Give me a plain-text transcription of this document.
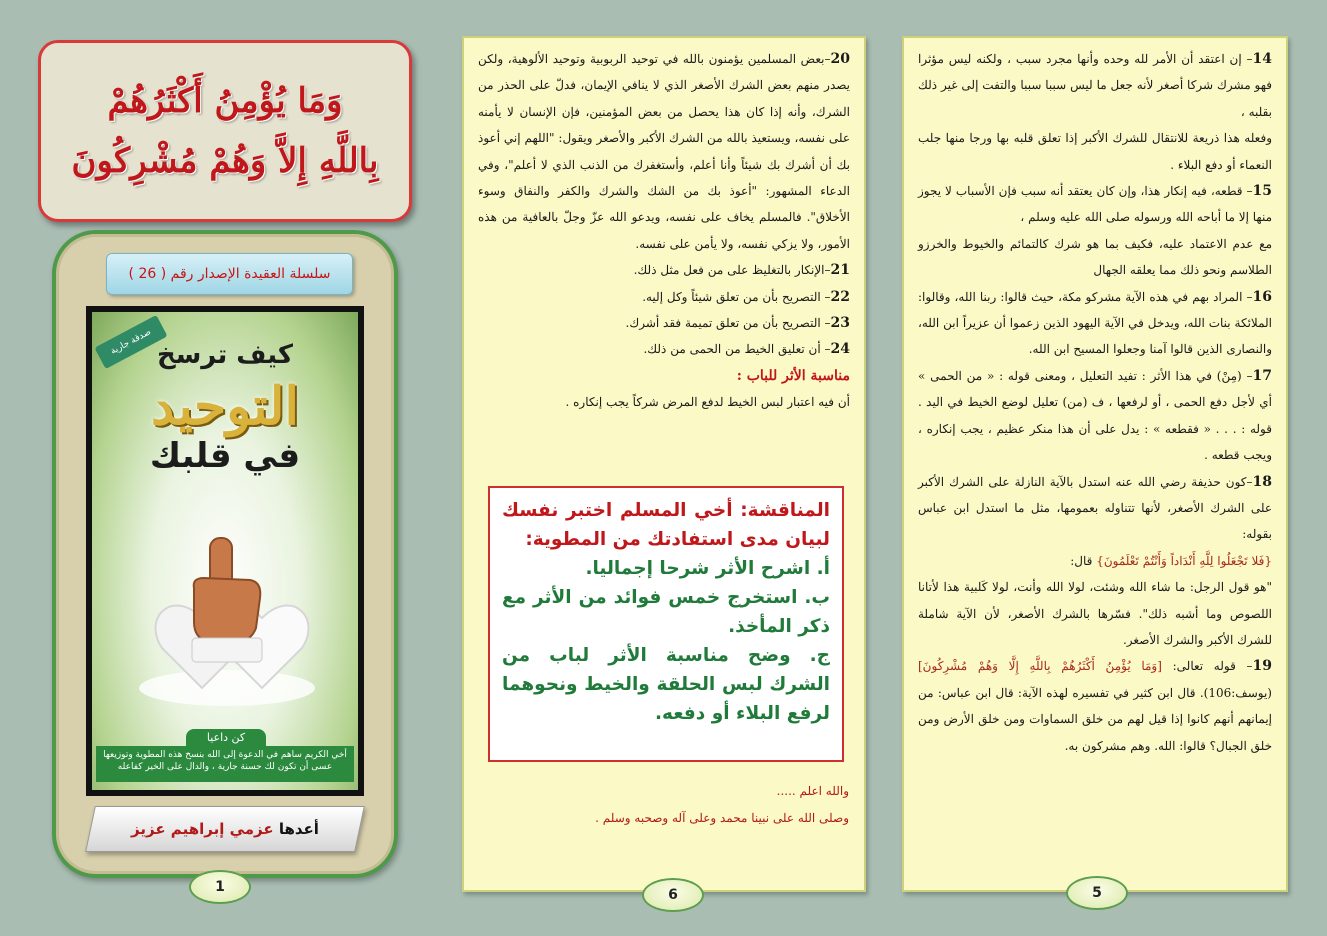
وَمَا يُؤْمِنُ أَكْثَرُهُمْ
بِاللَّهِ إِلاَّ وَهُمْ مُشْرِكُونَ
سلسلة العقيدة الإصدار رقم ( 26 )
صدقة جارية كيف ترسخ
التوحيد
في قلبك
كن داعيا
أخي الكريم ساهم في الدعوة إلى الله بنسخ هذه المطوية وتوزيعها عسى أن تكون لك حسنة جارية ، والدال على الخير كفاعله
أعدها عزمي إبراهيم عزيز
1

20–بعض المسلمين يؤمنون بالله في توحيد الربوبية وتوحيد الألوهية، ولكن يصدر منهم بعض الشرك الأصغر الذي لا ينافي الإيمان، فدلّ على الحذر من الشرك، وأنه إذا كان هذا يحصل من بعض المؤمنين، فإن الإنسان لا يأمنه على نفسه، ويستعيذ بالله من الشرك الأكبر والأصغر ويقول: "اللهم إني أعوذ بك أن أشرك بك شيئاً وأنا أعلم، وأستغفرك من الذنب الذي لا أعلم"، وفي الدعاء المشهور: "أعوذ بك من الشك والشرك والكفر والنفاق وسوء الأخلاق". فالمسلم يخاف على نفسه، ويدعو الله عزّ وجلّ بالعافية من هذه الأمور، ولا يزكي نفسه، ولا يأمن على نفسه.

21–الإنكار بالتغليظ على من فعل مثل ذلك.

22– التصريح بأن من تعلق شيئاً وكل إليه.

23– التصريح بأن من تعلق تميمة فقد أشرك.

24– أن تعليق الخيط من الحمى من ذلك.

مناسبة الأثر للباب :

أن فيه اعتبار لبس الخيط لدفع المرض شركاً يجب إنكاره .

المناقشة: أخي المسلم اختبر نفسك لبيان مدى استفادتك من المطوية:
أ. اشرح الأثر شرحا إجماليا.
ب. استخرج خمس فوائد من الأثر مع ذكر المأخذ.
ج. وضح مناسبة الأثر لباب من الشرك لبس الحلقة والخيط ونحوهما لرفع البلاء أو دفعه.
والله اعلم .....
وصلى الله على نبينا محمد وعلى آله وصحبه وسلم .
6

14– إن اعتقد أن الأمر لله وحده وأنها مجرد سبب ، ولكنه ليس مؤثرا فهو مشرك شركا أصغر لأنه جعل ما ليس سببا سببا والتفت إلى غير ذلك بقلبه ،

وفعله هذا ذريعة للانتقال للشرك الأكبر إذا تعلق قلبه بها ورجا منها جلب النعماء أو دفع البلاء .

15– قطعه، فيه إنكار هذا، وإن كان يعتقد أنه سبب فإن الأسباب لا يجوز منها إلا ما أباحه الله ورسوله صلى الله عليه وسلم ،

مع عدم الاعتماد عليه، فكيف بما هو شرك كالتمائم والخيوط والخرزو الطلاسم ونحو ذلك مما يعلقه الجهال

16– المراد بهم في هذه الآية مشركو مكة، حيث قالوا: ربنا الله، وقالوا: الملائكة بنات الله، ويدخل في الآية اليهود الذين زعموا أن عزيراً ابن الله، والنصارى الذين قالوا آمنا وجعلوا المسيح ابن الله.

17– (مِنْ) في هذا الأثر : تفيد التعليل ، ومعنى قوله : « من الحمى » أي لأجل دفع الحمى ، أو لرفعها ، ف (من) تعليل لوضع الخيط في اليد . قوله : . . . « فقطعه » : يدل على أن هذا منكر عظيم ، يجب إنكاره ، ويجب قطعه .

18–كون حذيفة رضي الله عنه استدل بالآية النازلة على الشرك الأكبر على الشرك الأصغر، لأنها تتناوله بعمومها، مثل ما استدل ابن عباس بقوله:

{فَلا تَجْعَلُوا لِلَّهِ أَنْدَاداً وَأَنْتُمْ تَعْلَمُونَ} قال:

"هو قول الرجل: ما شاء الله وشئت، لولا الله وأنت، لولا كَلبية هذا لأتانا اللصوص وما أشبه ذلك". فسّرها بالشرك الأصغر، لأن الآية شاملة للشرك الأكبر والشرك الأصغر.

19– قوله تعالى: [وَمَا يُؤْمِنُ أَكْثَرُهُمْ بِاللَّهِ إِلَّا وَهُمْ مُشْرِكُونَ] (يوسف:106). قال ابن كثير في تفسيره لهذه الآية: قال ابن عباس: من إيمانهم أنهم كانوا إذا قيل لهم من خلق السماوات ومن خلق الأرض ومن خلق الجبال؟ قالوا: الله. وهم مشركون به.

5
